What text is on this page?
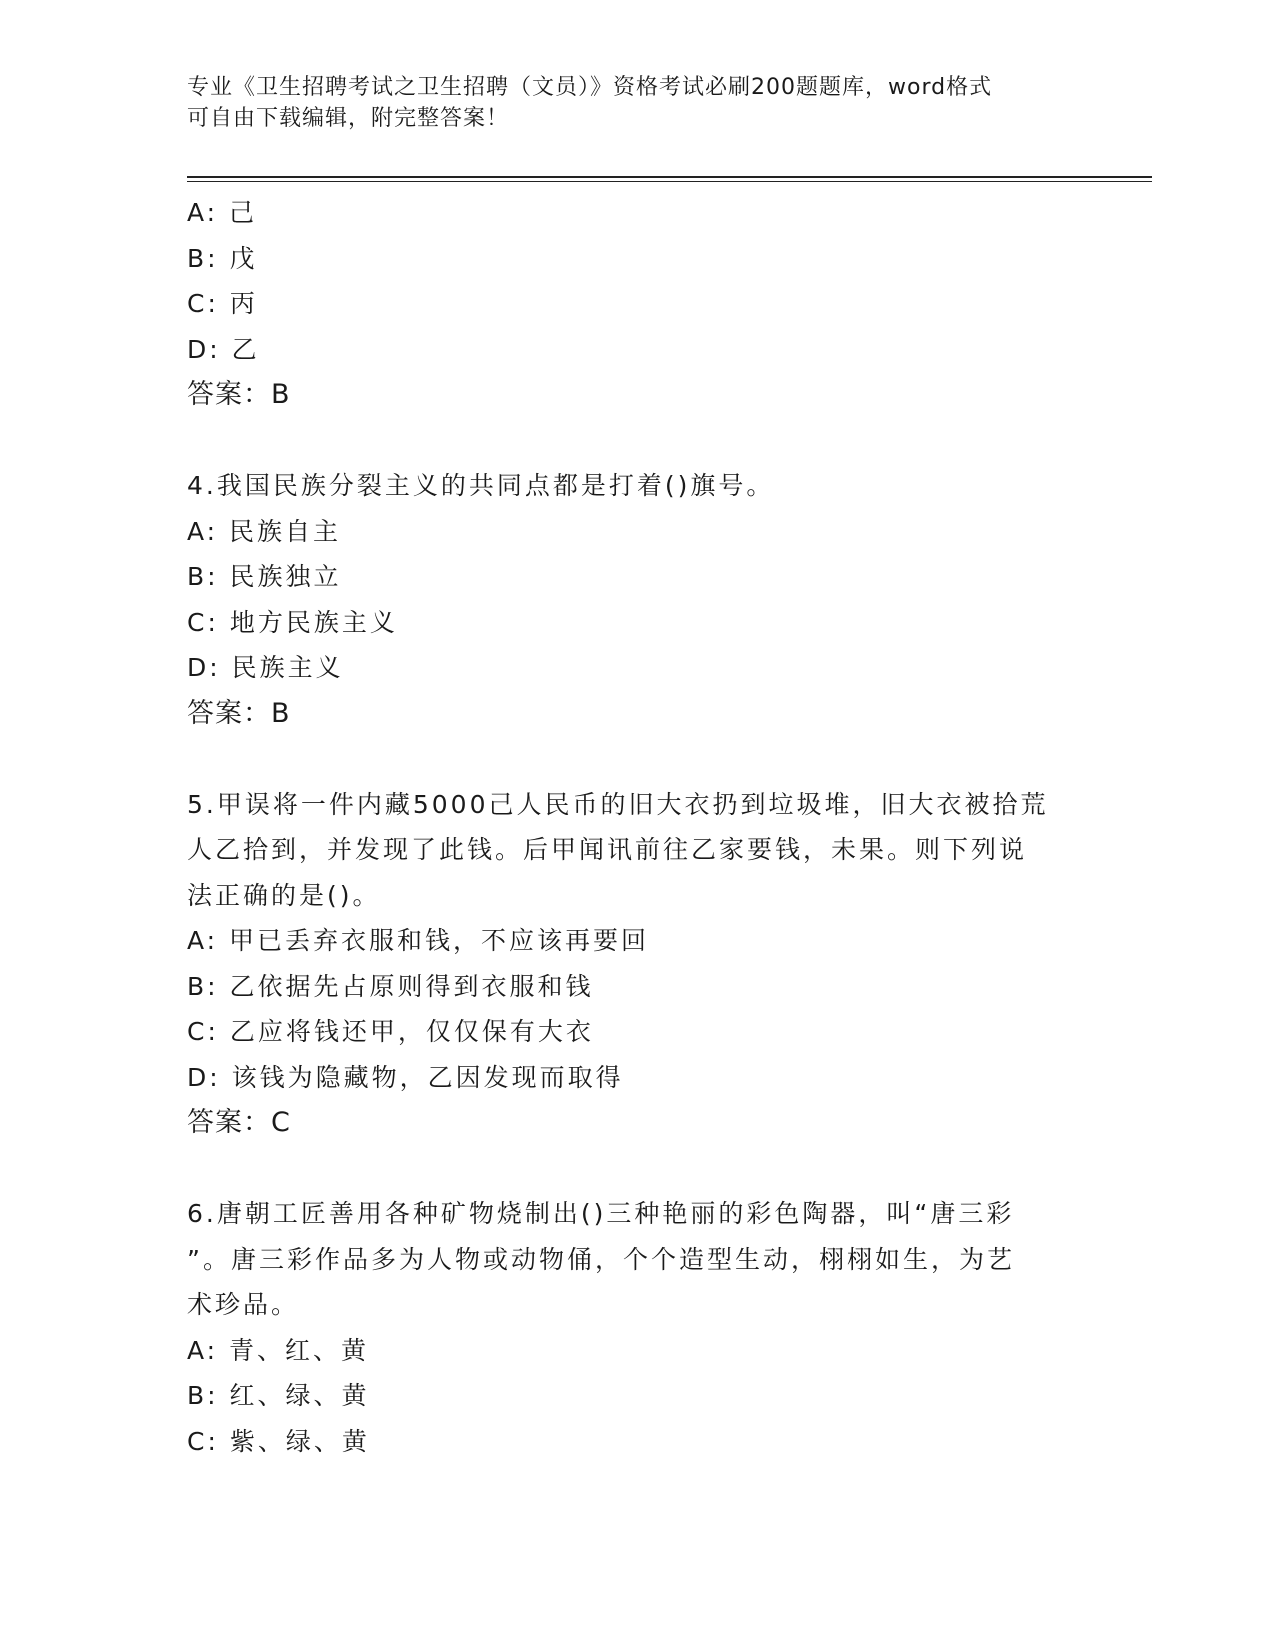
专业《卫生招聘考试之卫生招聘（文员）》资格考试必刷200题题库，word格式
可自由下载编辑，附完整答案！
A: 己
B: 戊
C: 丙
D: 乙
答案：B
4.我国民族分裂主义的共同点都是打着()旗号。
A: 民族自主
B: 民族独立
C: 地方民族主义
D: 民族主义
答案：B
5.甲误将一件内藏5000己人民币的旧大衣扔到垃圾堆，旧大衣被拾荒
人乙拾到，并发现了此钱。后甲闻讯前往乙家要钱，未果。则下列说
法正确的是()。
A: 甲已丢弃衣服和钱，不应该再要回
B: 乙依据先占原则得到衣服和钱
C: 乙应将钱还甲，仅仅保有大衣
D: 该钱为隐藏物，乙因发现而取得
答案：C
6.唐朝工匠善用各种矿物烧制出()三种艳丽的彩色陶器，叫“唐三彩
”。唐三彩作品多为人物或动物俑，个个造型生动，栩栩如生，为艺
术珍品。
A: 青、红、黄
B: 红、绿、黄
C: 紫、绿、黄
